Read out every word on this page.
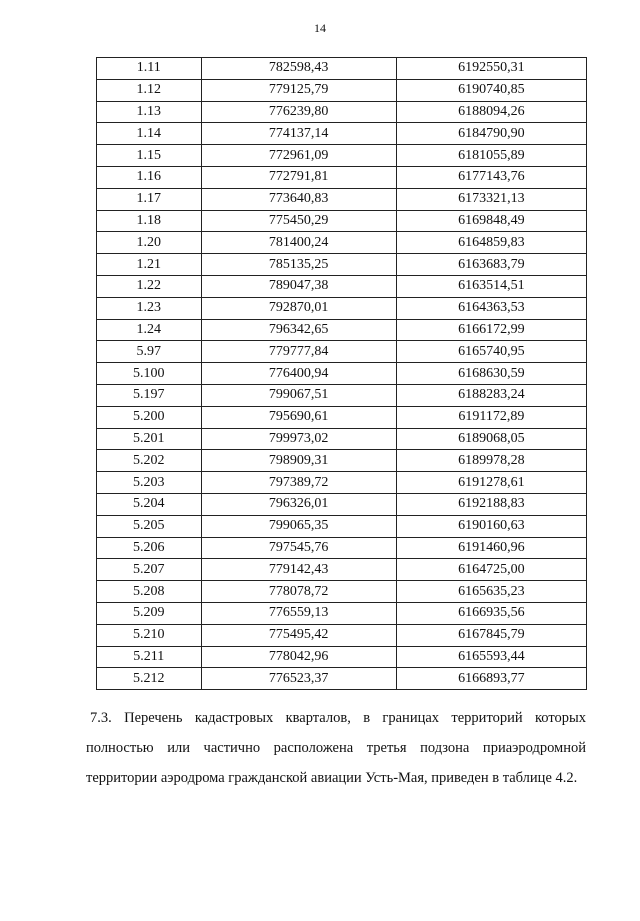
14
1.11	782598,43	6192550,31
1.12	779125,79	6190740,85
1.13	776239,80	6188094,26
1.14	774137,14	6184790,90
1.15	772961,09	6181055,89
1.16	772791,81	6177143,76
1.17	773640,83	6173321,13
1.18	775450,29	6169848,49
1.20	781400,24	6164859,83
1.21	785135,25	6163683,79
1.22	789047,38	6163514,51
1.23	792870,01	6164363,53
1.24	796342,65	6166172,99
5.97	779777,84	6165740,95
5.100	776400,94	6168630,59
5.197	799067,51	6188283,24
5.200	795690,61	6191172,89
5.201	799973,02	6189068,05
5.202	798909,31	6189978,28
5.203	797389,72	6191278,61
5.204	796326,01	6192188,83
5.205	799065,35	6190160,63
5.206	797545,76	6191460,96
5.207	779142,43	6164725,00
5.208	778078,72	6165635,23
5.209	776559,13	6166935,56
5.210	775495,42	6167845,79
5.211	778042,96	6165593,44
5.212	776523,37	6166893,77
7.3. Перечень кадастровых кварталов, в границах территорий которых
полностью или частично расположена третья подзона приаэродромной территории аэродрома гражданской авиации Усть-Мая, приведен в таблице 4.2.
